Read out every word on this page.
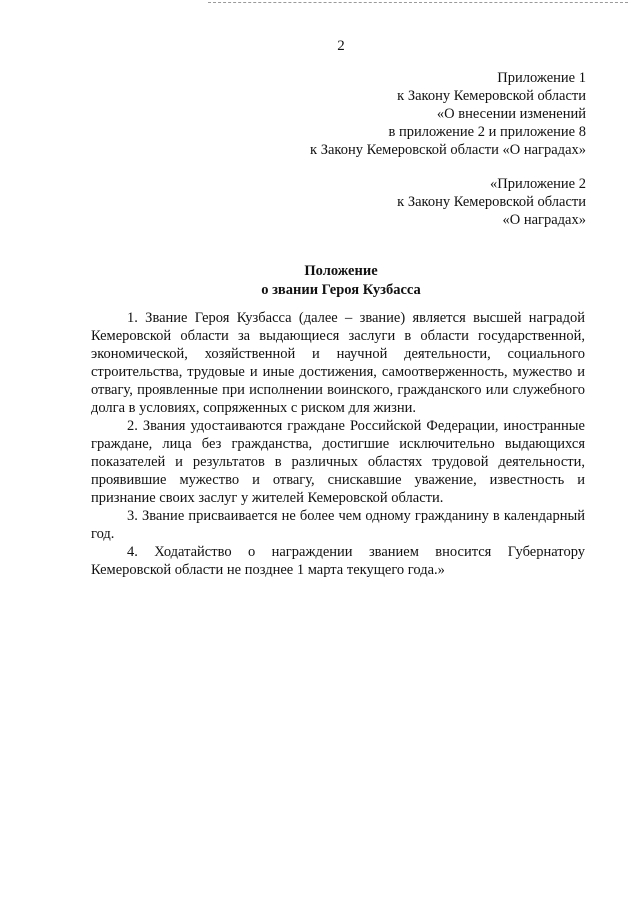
2
Приложение 1
к Закону Кемеровской области
«О внесении изменений
в приложение 2 и приложение 8
к Закону Кемеровской области «О наградах»
«Приложение 2
к Закону Кемеровской области
«О наградах»
Положение
о звании Героя Кузбасса

1. Звание Героя Кузбасса (далее – звание) является высшей наградой Кемеровской области за выдающиеся заслуги в области государственной, экономической, хозяйственной и научной деятельности, социального строительства, трудовые и иные достижения, самоотверженность, мужество и отвагу, проявленные при исполнении воинского, гражданского или служебного долга в условиях, сопряженных с риском для жизни.

2. Звания удостаиваются граждане Российской Федерации, иностранные граждане, лица без гражданства, достигшие исключительно выдающихся показателей и результатов в различных областях трудовой деятельности, проявившие мужество и отвагу, снискавшие уважение, известность и признание своих заслуг у жителей Кемеровской области.

3. Звание присваивается не более чем одному гражданину в календарный год.

4. Ходатайство о награждении званием вносится Губернатору Кемеровской области не позднее 1 марта текущего года.»
